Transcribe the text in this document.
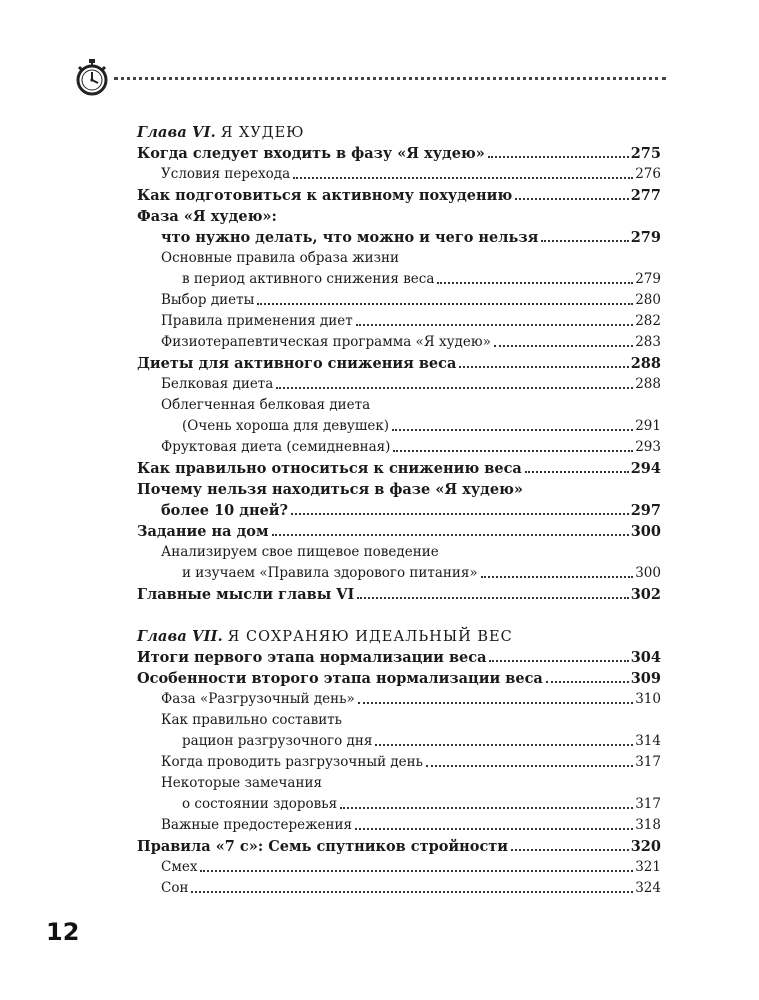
Глава VI. Я ХУДЕЮ
Когда следует входить в фазу «Я худею»	275
Условия перехода	276
Как подготовиться к активному похудению	277
Фаза «Я худею»:
что нужно делать, что можно и чего нельзя	279
Основные правила образа жизни
в период активного снижения веса	279
Выбор диеты	280
Правила применения диет	282
Физиотерапевтическая программа «Я худею»	283
Диеты для активного снижения веса	288
Белковая диета	288
Облегченная белковая диета
(Очень хороша для девушек)	291
Фруктовая диета (семидневная)	293
Как правильно относиться к снижению веса	294
Почему нельзя находиться в фазе «Я худею»
более 10 дней?	297
Задание на дом	300
Анализируем свое пищевое поведение
и изучаем «Правила здорового питания»	300
Главные мысли главы VI	302
Глава VII. Я СОХРАНЯЮ ИДЕАЛЬНЫЙ ВЕС
Итоги первого этапа нормализации веса	304
Особенности второго этапа нормализации веса	309
Фаза «Разгрузочный день»	310
Как правильно составить
рацион разгрузочного дня	314
Когда проводить разгрузочный день	317
Некоторые замечания
о состоянии здоровья	317
Важные предостережения	318
Правила «7 с»: Семь спутников стройности	320
Смех	321
Сон	324
12
